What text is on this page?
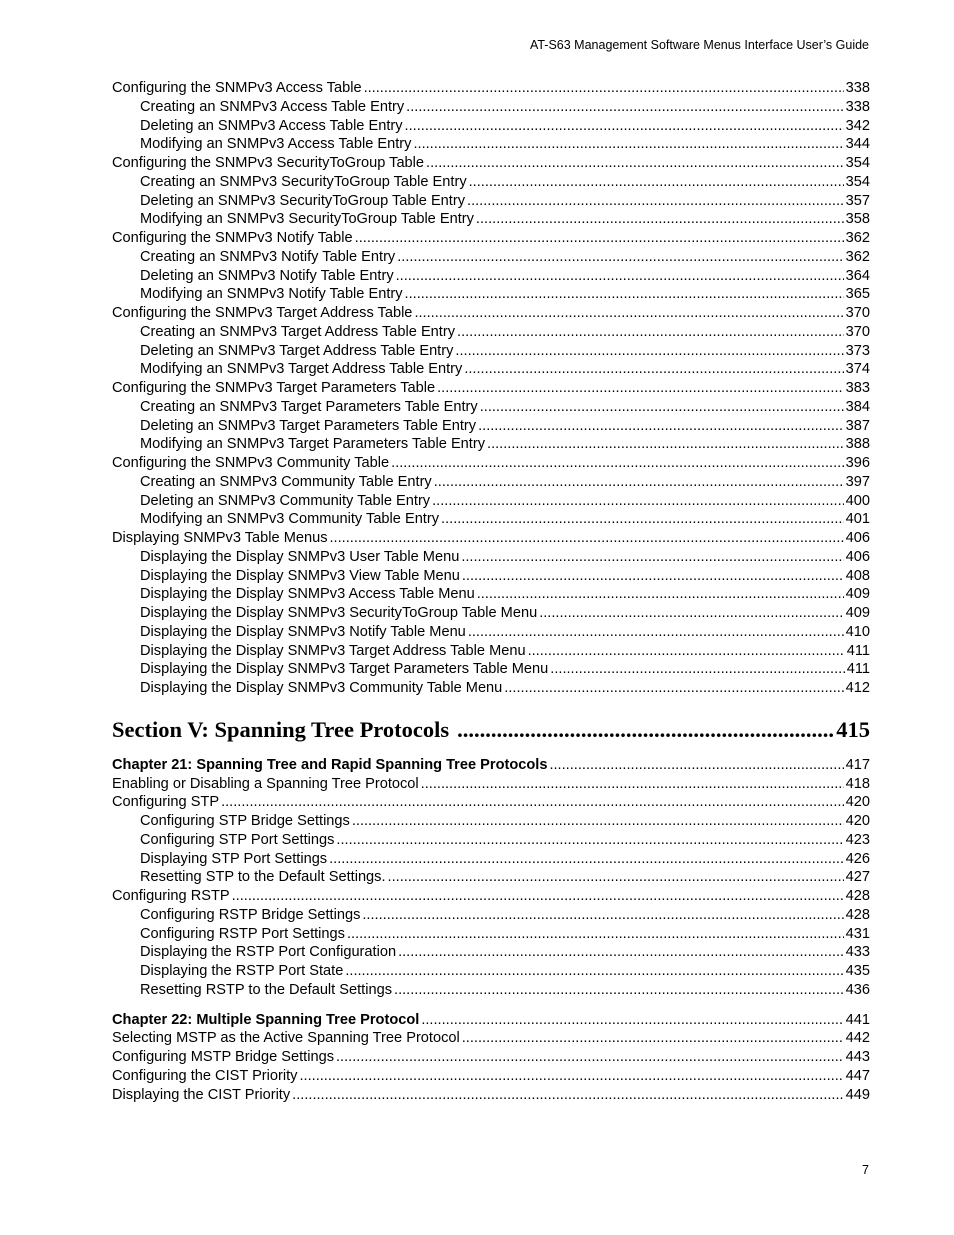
AT-S63 Management Software Menus Interface User’s Guide
Configuring the SNMPv3 Access Table .....	338
Creating an SNMPv3 Access Table Entry .....	338
Deleting an SNMPv3 Access Table Entry .....	342
Modifying an SNMPv3 Access Table Entry .....	344
Configuring the SNMPv3 SecurityToGroup Table .....	354
Creating an SNMPv3 SecurityToGroup Table Entry .....	354
Deleting an SNMPv3 SecurityToGroup Table Entry .....	357
Modifying an SNMPv3 SecurityToGroup Table Entry .....	358
Configuring the SNMPv3 Notify Table .....	362
Creating an SNMPv3 Notify Table Entry .....	362
Deleting an SNMPv3 Notify Table Entry .....	364
Modifying an SNMPv3 Notify Table Entry .....	365
Configuring the SNMPv3 Target Address Table .....	370
Creating an SNMPv3 Target Address Table Entry .....	370
Deleting an SNMPv3 Target Address Table Entry .....	373
Modifying an SNMPv3 Target Address Table Entry .....	374
Configuring the SNMPv3 Target Parameters Table .....	383
Creating an SNMPv3 Target Parameters Table Entry .....	384
Deleting an SNMPv3 Target Parameters Table Entry .....	387
Modifying an SNMPv3 Target Parameters Table Entry .....	388
Configuring the SNMPv3 Community Table .....	396
Creating an SNMPv3 Community Table Entry .....	397
Deleting an SNMPv3 Community Table Entry .....	400
Modifying an SNMPv3 Community Table Entry .....	401
Displaying SNMPv3 Table Menus .....	406
Displaying the Display SNMPv3 User Table Menu .....	406
Displaying the Display SNMPv3 View Table Menu .....	408
Displaying the Display SNMPv3 Access Table Menu .....	409
Displaying the Display SNMPv3 SecurityToGroup Table Menu .....	409
Displaying the Display SNMPv3 Notify Table Menu .....	410
Displaying the Display SNMPv3 Target Address Table Menu .....	411
Displaying the Display SNMPv3 Target Parameters Table Menu .....	411
Displaying the Display SNMPv3 Community Table Menu .....	412
Section V: Spanning Tree Protocols .....	415
Chapter 21: Spanning Tree and Rapid Spanning Tree Protocols .....	417
Enabling or Disabling a Spanning Tree Protocol .....	418
Configuring STP .....	420
Configuring STP Bridge Settings .....	420
Configuring STP Port Settings .....	423
Displaying STP Port Settings .....	426
Resetting STP to the Default Settings. .....	427
Configuring RSTP .....	428
Configuring RSTP Bridge Settings .....	428
Configuring RSTP Port Settings .....	431
Displaying the RSTP Port Configuration .....	433
Displaying the RSTP Port State .....	435
Resetting RSTP to the Default Settings .....	436
Chapter 22: Multiple Spanning Tree Protocol .....	441
Selecting MSTP as the Active Spanning Tree Protocol .....	442
Configuring MSTP Bridge Settings .....	443
Configuring the CIST Priority .....	447
Displaying the CIST Priority .....	449
7
